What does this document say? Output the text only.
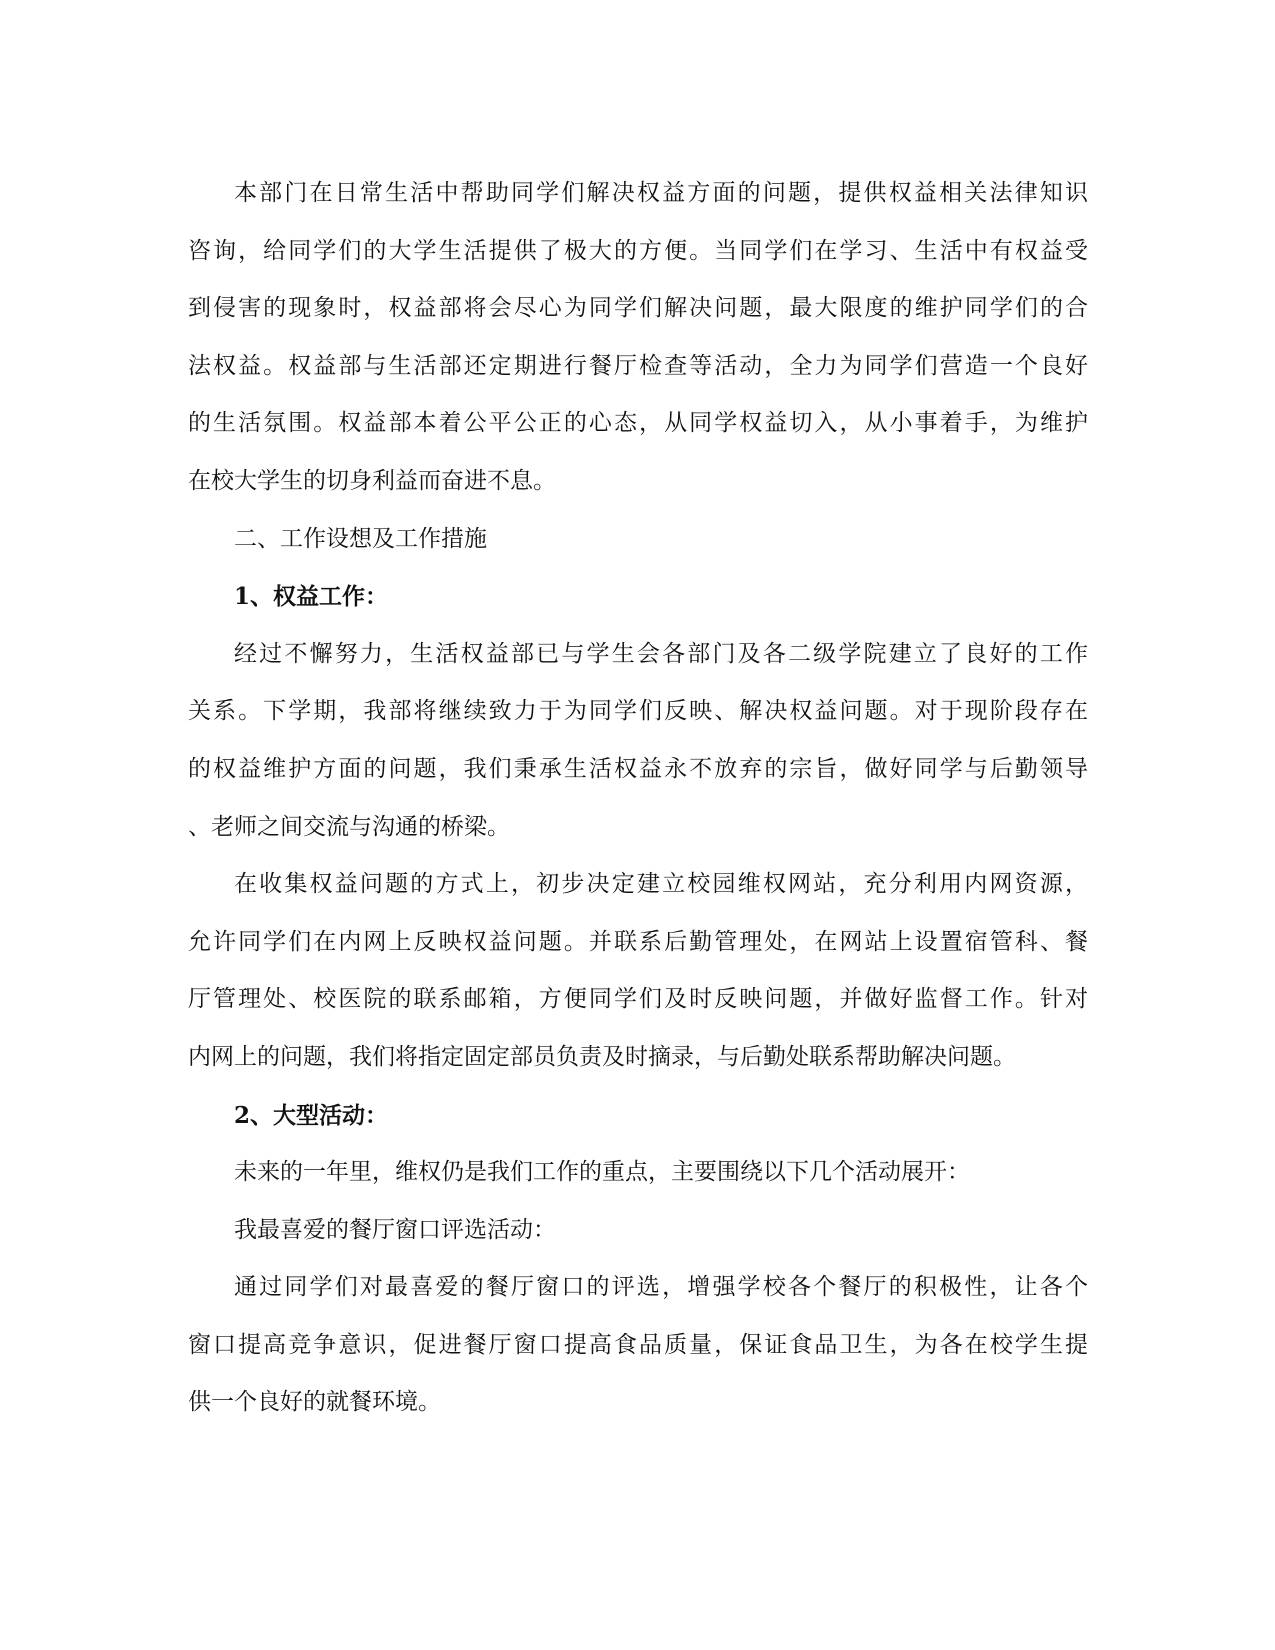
本部门在日常生活中帮助同学们解决权益方面的问题，提供权益相关法律知识
咨询，给同学们的大学生活提供了极大的方便。当同学们在学习、生活中有权益受
到侵害的现象时，权益部将会尽心为同学们解决问题，最大限度的维护同学们的合
法权益。权益部与生活部还定期进行餐厅检查等活动，全力为同学们营造一个良好
的生活氛围。权益部本着公平公正的心态，从同学权益切入，从小事着手，为维护
在校大学生的切身利益而奋进不息。
二、工作设想及工作措施
1、权益工作：
经过不懈努力，生活权益部已与学生会各部门及各二级学院建立了良好的工作
关系。下学期，我部将继续致力于为同学们反映、解决权益问题。对于现阶段存在
的权益维护方面的问题，我们秉承生活权益永不放弃的宗旨，做好同学与后勤领导
、老师之间交流与沟通的桥梁。
在收集权益问题的方式上，初步决定建立校园维权网站，充分利用内网资源，
允许同学们在内网上反映权益问题。并联系后勤管理处，在网站上设置宿管科、餐
厅管理处、校医院的联系邮箱，方便同学们及时反映问题，并做好监督工作。针对
内网上的问题，我们将指定固定部员负责及时摘录，与后勤处联系帮助解决问题。
2、大型活动：
未来的一年里，维权仍是我们工作的重点，主要围绕以下几个活动展开：
我最喜爱的餐厅窗口评选活动：
通过同学们对最喜爱的餐厅窗口的评选，增强学校各个餐厅的积极性，让各个
窗口提高竞争意识，促进餐厅窗口提高食品质量，保证食品卫生，为各在校学生提
供一个良好的就餐环境。
